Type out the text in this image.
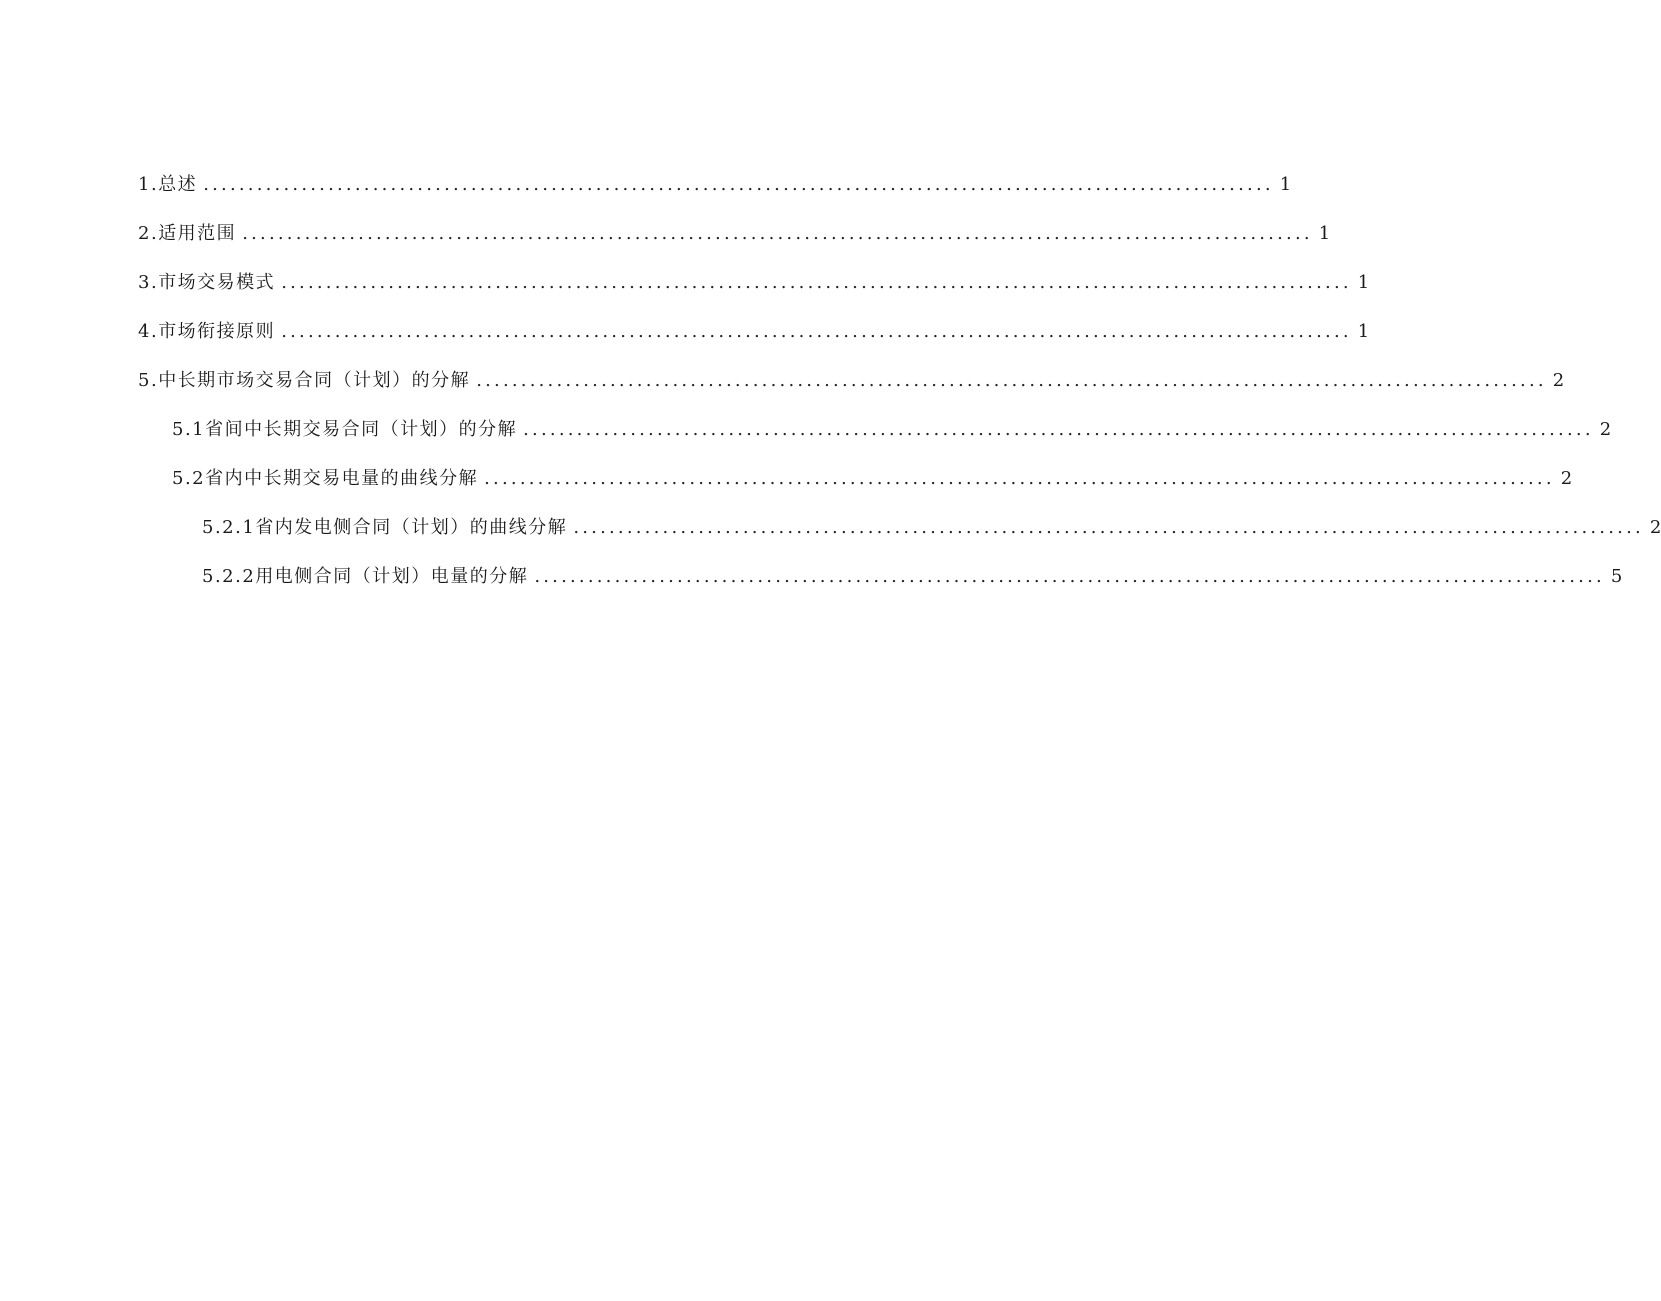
1 . 总述 ........................................................................................................................ 1
2 . 适用范围 ........................................................................................................................ 1
3 . 市场交易模式 ........................................................................................................................ 1
4 . 市场衔接原则 ........................................................................................................................ 1
5 . 中长期市场交易合同（计划）的分解 ........................................................................................................................ 2
5.1 省间中长期交易合同（计划）的分解 ........................................................................................................................ 2
5.2 省内中长期交易电量的曲线分解 ........................................................................................................................ 2
5.2.1 省内发电侧合同（计划）的曲线分解 ........................................................................................................................ 2
5.2.2 用电侧合同（计划）电量的分解 ........................................................................................................................ 5
